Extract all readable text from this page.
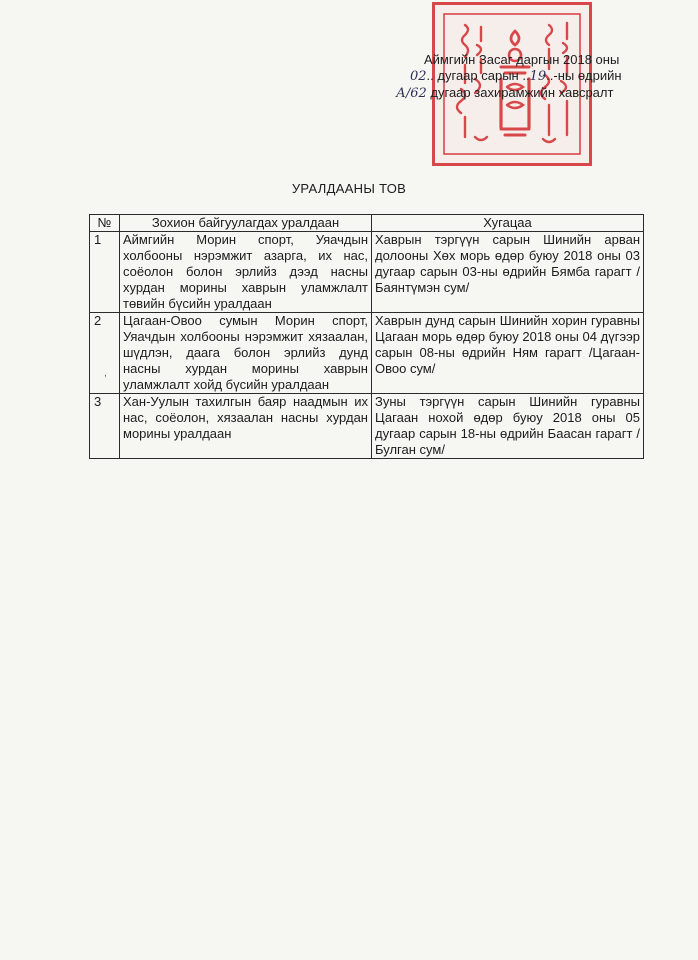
Аймгийн Засаг даргын 2018 оны
02.. дугаар сарын ..19..-ны өдрийн
А/62 дугаар захирамжийн хавсралт
УРАЛДААНЫ ТОВ
№	Зохион байгуулагдах уралдаан	Хугацаа
1	Аймгийн Морин спорт, Уяачдын холбооны нэрэмжит азарга, их нас, соёолон болон эрлийз дээд насны хурдан морины хаврын уламжлалт төвийн бүсийн уралдаан	Хаврын тэргүүн сарын Шинийн арван долооны Хөх морь өдөр буюу 2018 оны 03 дугаар сарын 03-ны өдрийн Бямба гарагт /Баянтүмэн сум/
2	Цагаан-Овоо сумын Морин спорт, Уяачдын холбооны нэрэмжит хязаалан, шүдлэн, даага болон эрлийз дунд насны хурдан морины хаврын уламжлалт хойд бүсийн уралдаан	Хаврын дунд сарын Шинийн хорин гуравны Цагаан морь өдөр буюу 2018 оны 04 дүгээр сарын 08-ны өдрийн Ням гарагт /Цагаан-Овоо сум/
3	Хан-Уулын тахилгын баяр наадмын их нас, соёолон, хязаалан насны хурдан морины уралдаан	Зуны тэргүүн сарын Шинийн гуравны Цагаан нохой өдөр буюу 2018 оны 05 дугаар сарын 18-ны өдрийн Баасан гарагт /Булган сум/
,
